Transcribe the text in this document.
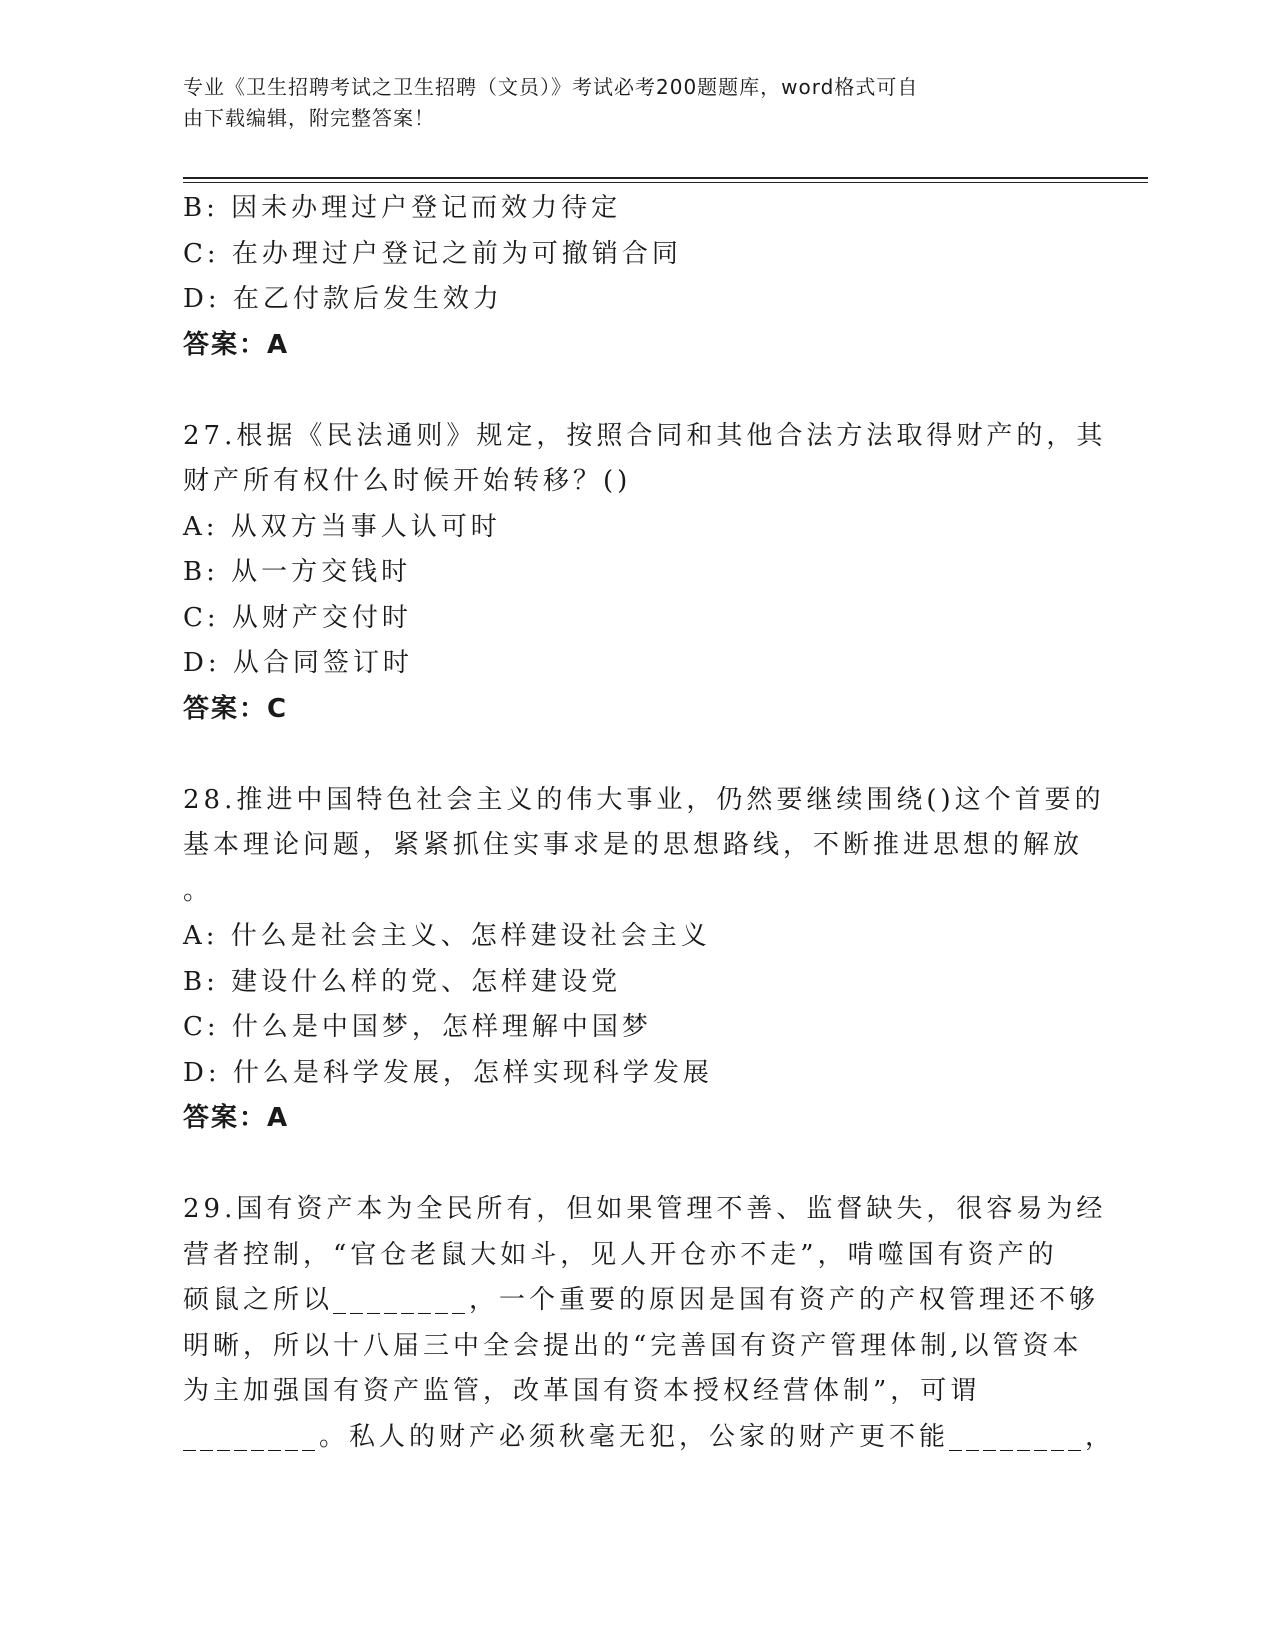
专业《卫生招聘考试之卫生招聘（文员）》考试必考200题题库，word格式可自
由下载编辑，附完整答案！
B: 因未办理过户登记而效力待定
C: 在办理过户登记之前为可撤销合同
D: 在乙付款后发生效力
答案：A
27.根据《民法通则》规定，按照合同和其他合法方法取得财产的，其
财产所有权什么时候开始转移？()
A: 从双方当事人认可时
B: 从一方交钱时
C: 从财产交付时
D: 从合同签订时
答案：C
28.推进中国特色社会主义的伟大事业，仍然要继续围绕()这个首要的
基本理论问题，紧紧抓住实事求是的思想路线，不断推进思想的解放
。
A: 什么是社会主义、怎样建设社会主义
B: 建设什么样的党、怎样建设党
C: 什么是中国梦，怎样理解中国梦
D: 什么是科学发展，怎样实现科学发展
答案：A
29.国有资产本为全民所有，但如果管理不善、监督缺失，很容易为经
营者控制，“官仓老鼠大如斗，见人开仓亦不走”，啃噬国有资产的
硕鼠之所以________，一个重要的原因是国有资产的产权管理还不够
明晰，所以十八届三中全会提出的“完善国有资产管理体制,以管资本
为主加强国有资产监管，改革国有资本授权经营体制”，可谓
________。私人的财产必须秋毫无犯，公家的财产更不能________，
